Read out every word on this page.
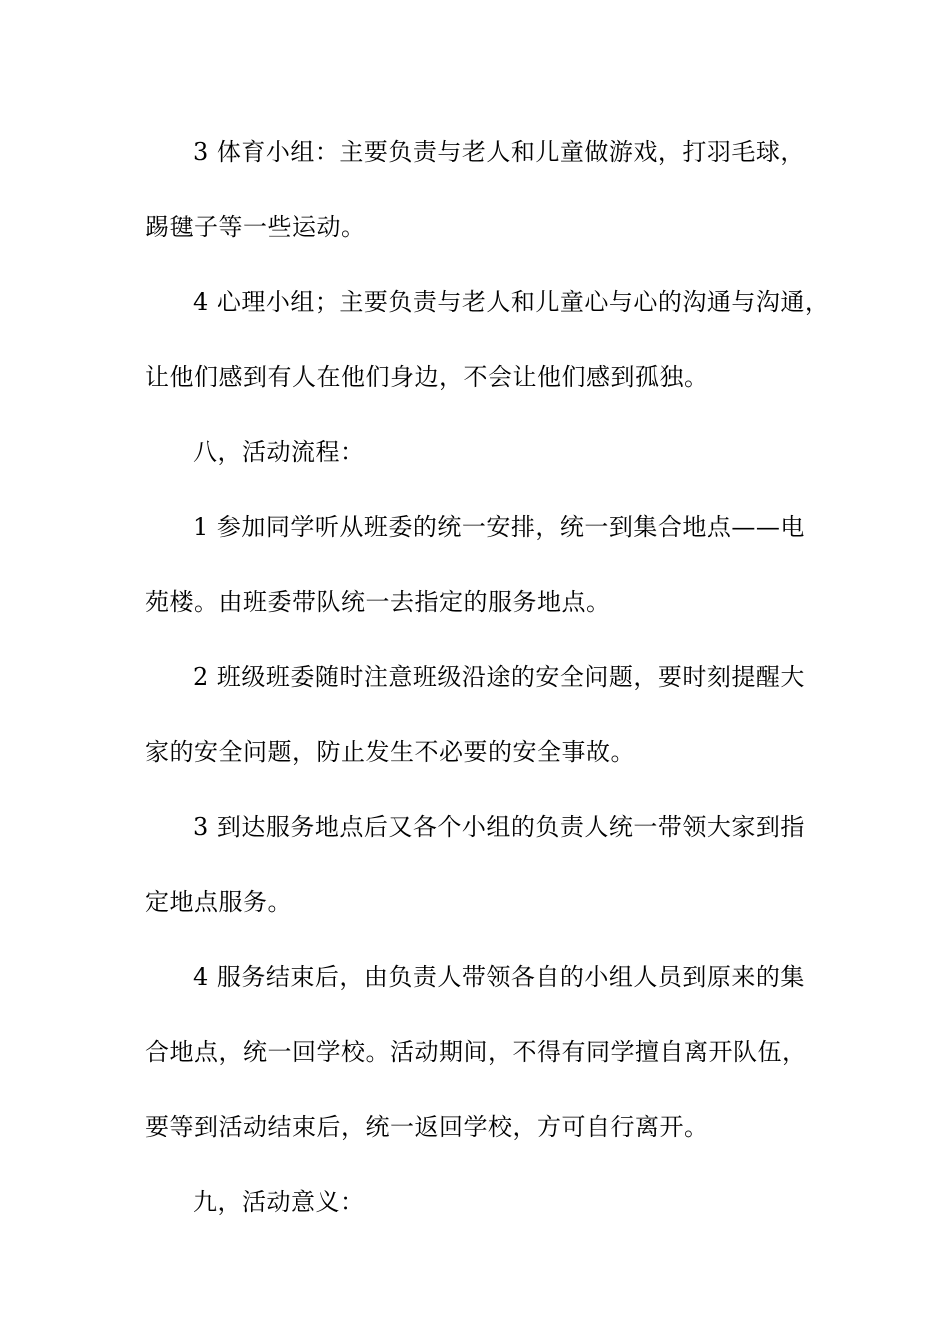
3 体育小组：主要负责与老人和儿童做游戏，打羽毛球，
踢毽子等一些运动。
4 心理小组；主要负责与老人和儿童心与心的沟通与沟通，
让他们感到有人在他们身边，不会让他们感到孤独。
八，活动流程：
1 参加同学听从班委的统一安排，统一到集合地点——电
苑楼。由班委带队统一去指定的服务地点。
2 班级班委随时注意班级沿途的安全问题，要时刻提醒大
家的安全问题，防止发生不必要的安全事故。
3 到达服务地点后又各个小组的负责人统一带领大家到指
定地点服务。
4 服务结束后，由负责人带领各自的小组人员到原来的集
合地点，统一回学校。活动期间，不得有同学擅自离开队伍，
要等到活动结束后，统一返回学校，方可自行离开。
九，活动意义：
